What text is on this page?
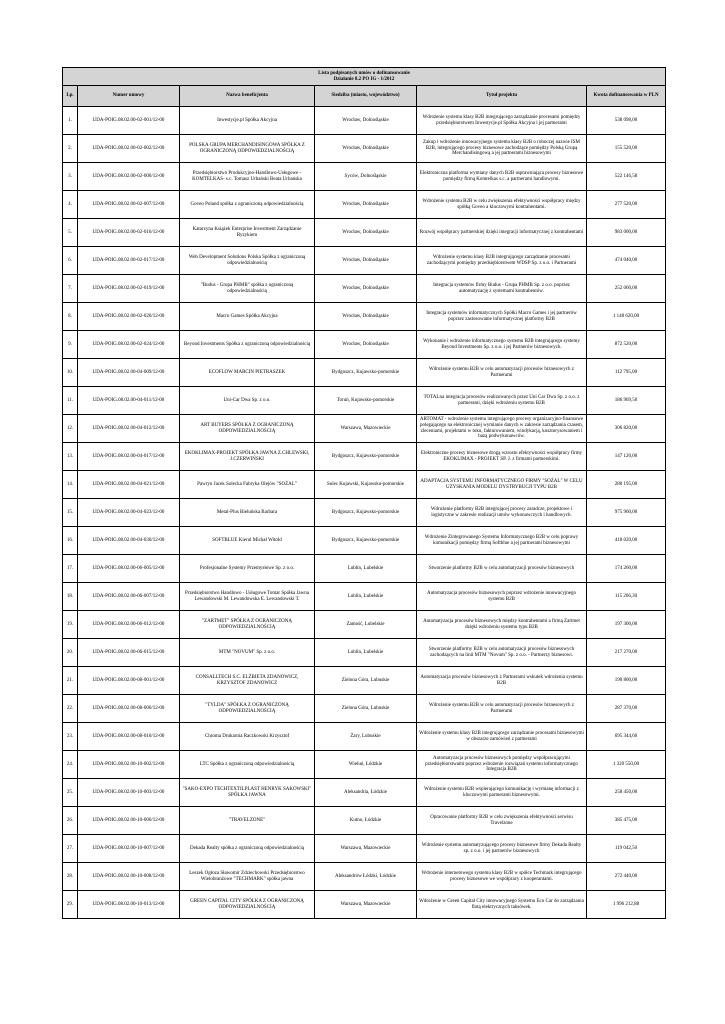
Lista podpisanych umów o dofinansowanie
Działanie 8.2 PO IG - 1/2012					

Lp.	Numer umowy	Nazwa beneficjenta	Siedziba (miasto, województwo)	Tytuł projektu	Kwota dofinansowania w PLN
1.	UDA-POIG.08.02.00-02-001/12-00	Inwestycje.pl Spółka Akcyjna	Wrocław, Dolnośląskie	Wdrożenie systemu klasy B2B integrującego zarządzanie procesami pomiędzy przedsiębiorstwem Inwestycje.pl Spółka Akcyjna i jej partnerami	538 098,00
2.	UDA-POIG.08.02.00-02-002/12-00	POLSKA GRUPA MERCHANDISINGOWA SPÓŁKA Z OGRANICZONĄ ODPOWIEDZIALNOŚCIĄ	Wrocław, Dolnośląskie	Zakup i wdrożenie innowacyjnego systemu klasy B2B o roboczej nazwie ISM B2B, integrującego procesy biznesowe zachodzące pomiędzy Polską Grupą Merchandisingową a jej partnerami biznesowymi	155 520,00
3.	UDA-POIG.08.02.00-02-006/12-00	Przedsiębiorstwo Produkcyjno-Handlowo-Usługowe - KOMTELKAS- s.c. Tomasz Urbański Beata Urbańska	Syców, Dolnośląskie	Elektroniczna platforma wymiany danych B2B usprawniająca procesy biznesowe pomiędzy firmą Komtelkas s.c. a partnerami handlowymi.	522 146,58
4.	UDA-POIG.08.02.00-02-007/12-00	Goveo Poland spółka z ograniczoną odpowiedzialnością	Wrocław, Dolnośląskie	Wdrożenie systemu B2B w celu zwiększenia efektywności współpracy między spółką Goveo a kluczowymi kontrahentami.	277 520,00
5.	UDA-POIG.08.02.00-02-016/12-00	Katarzyna Książek Enterprise Investment Zarządzanie Ryzykiem	Wrocław, Dolnośląskie	Rozwój współpracy partnerskiej dzięki integracji informatycznej z kontrahentami	983 000,00
6.	UDA-POIG.08.02.00-02-017/12-00	Web Development Solutions Polska Spółka z ograniczoną odpowiedzialnością	Wrocław, Dolnośląskie	Wdrożenie systemu klasy B2B integrującego zarządzanie procesami zachodzącymi pomiędzy przedsiębiorstwem WDSP Sp. z o.o. i Partnerami	474 040,00
7.	UDA-POIG.08.02.00-02-019/12-00	"Budus - Grupa PHMB" spółka z ograniczoną odpowiedzialnością	Wrocław, Dolnośląskie	Integracja systemów firmy Budus - Grupa PHMB Sp. z o.o. poprzez automatyzację z systemami kontrahentów.	252 060,00
8.	UDA-POIG.08.02.00-02-020/12-00	Macro Games Spółka Akcyjna	Wrocław, Dolnośląskie	Integracja systemów informatycznych Spółki Macro Games i jej partnerów poprzez zastosowanie informatycznej platformy B2B	1 148 620,00
9.	UDA-POIG.08.02.00-02-024/12-00	Beyond Investments Spółka z ograniczoną odpowiedzialnością	Wrocław, Dolnośląskie	Wykonanie i wdrożenie informatycznego systemu B2B integrującego systemy Beyond Investments Sp. z o.o. i jej Partnerów biznesowych.	872 520,00
10.	UDA-POIG.08.02.00-04-009/12-00	ECOFLOW MARCIN PIETRASZEK	Bydgoszcz, Kujawsko-pomorskie	Wdrożenie systemu B2B w celu automatyzacji procesów biznesowych z Partnerami	112 795,00
11.	UDA-POIG.08.02.00-04-011/12-00	Uni-Car Dwa Sp. z o.o.	Toruń, Kujawsko-pomorskie	TOTALna integracja procesów realizowanych przez Uni Car Dwa Sp. z o.o. z partnerami, dzięki wdrożeniu systemu B2B	186 969,50
12.	UDA-POIG.08.02.00-04-012/12-00	ART BUYERS SPÓŁKA Z OGRANICZONĄ ODPOWIEDZIALNOŚCIĄ	Warszawa, Mazowieckie	ARTOMAT - wdrożenie systemu integrującego procesy organizacyjno-finansowe polegającego na elektronicznej wymianie danych w zakresie zarządzania czasem, zleceniami, projektami w toku, fakturowaniem, windykacją, kosztorysowaniem i bazą podwykonawców.	306 820,00
13.	UDA-POIG.08.02.00-04-017/12-00	EKOKLIMAX-PROJEKT SPÓŁKA JAWNA Z.CHLEWSKI, J.CZERWIŃSKI	Bydgoszcz, Kujawsko-pomorskie	Elektroniczne procesy biznesowe drogą wzrostu efektywności współpracy firmy EKOKLIMAX - PROJEKT SP. J. z firmami partnerskimi.	147 120,00
14.	UDA-POIG.08.02.00-04-021/12-00	Pawryn Jacek Solecka Fabryka Olejów "SOŻAL"	Solec Kujawski, Kujawsko-pomorskie	ADAPTACJA SYSTEMU INFORMATYCZNEGO FIRMY "SOŻAL" W CELU UZYSKANIA MODELU DYSTRYBUCJI TYPU B2B	280 195,00
15.	UDA-POIG.08.02.00-04-023/12-00	Metal-Plus Bieluńska Barbara	Bydgoszcz, Kujawsko-pomorskie	Wdrożenie platformy B2B integrującej procesy zaradcze, projektowe i logistyczne w zakresie realizacji umów wykonawczych i handlowych.	975 960,00
16.	UDA-POIG.08.02.00-04-030/12-00	SOFTBLUE Kierul Michał Witold	Bydgoszcz, Kujawsko-pomorskie	Wdrożenie Zintegrowanego Systemu Informatycznego B2B w celu poprawy komunikacji pomiędzy firmą Softblue a jej partnerami biznesowymi	418 020,00
17.	UDA-POIG.08.02.00-06-005/12-00	Profesjonalne Systemy Przemysłowe Sp. z o.o.	Lublin, Lubelskie	Stworzenie platformy B2B w celu automatyzacji procesów biznesowych	174 260,00
18.	UDA-POIG.08.02.00-06-007/12-00	Przedsiębiorstwo Handlowo - Usługowe Tomar Spółka Jawna Lewandowski M. Lewandowska E. Lewandowski T.	Lublin, Lubelskie	Automatyzacja procesów biznesowych poprzez wdrożenie innowacyjnego systemu B2B	115 266,30
19.	UDA-POIG.08.02.00-06-012/12-00	"ZARTMET" SPÓŁKA Z OGRANICZONĄ ODPOWIEDZIALNOŚCIĄ	Zamość, Lubelskie	Automatyzacja procesów biznesowych między kontrahentami a firmą Zartmet dzięki wdrożeniu systemu typu B2B	197 300,00
20.	UDA-POIG.08.02.00-06-015/12-00	MTM "NOVUM" Sp. z o.o.	Lublin, Lubelskie	Stworzenie platformy B2B w celu automatyzacji procesów biznesowych zachodzących na linii MTM "Novum" Sp. z o.o. - Partnerzy biznesowi.	217 270,00
21.	UDA-POIG.08.02.00-08-001/12-00	CONSALLTECH S.C. ELŻBIETA ZDANOWICZ, KRZYSZTOF ZDANOWICZ	Zielona Góra, Lubuskie	Automatyzacja procesów biznesowych z Partnerami wskutek wdrożenia systemu B2B	190 800,00
22.	UDA-POIG.08.02.00-08-006/12-00	"TYLDA" SPÓŁKA Z OGRANICZONĄ ODPOWIEDZIALNOŚCIĄ	Zielona Góra, Lubuskie	Wdrożenie systemu B2B w celu automatyzacji procesów biznesowych z Partnerami	287 370,00
23.	UDA-POIG.08.02.00-08-010/12-00	Chroma Drukarnia Raczkowski Krzysztof	Żary, Lubuskie	Wdrożenie systemu klasy B2B integrującego zarządzanie procesami biznesowymi w obszarze zamówień z partnerami	695 344,60
24.	UDA-POIG.08.02.00-10-002/12-00	LTC Spółka z ograniczoną odpowiedzialnością	Wieluń, Łódzkie	Automatyzacja procesów biznesowych pomiędzy współpracującymi przedsiębiorstwami poprzez wdrożenie rozwiązań systemu informatycznego Integracja B2B	1 320 550,00
25.	UDA-POIG.08.02.00-10-003/12-00	"SAKO-EXPO TECHTEXTILPLAST HENRYK SAKOWSKI" SPÓŁKA JAWNA	Aleksandria, Łódzkie	Wdrożenie systemu B2B wspierającego komunikację i wymianę informacji z kluczowymi partnerami biznesowymi.	258 450,00
26.	UDA-POIG.08.02.00-10-006/12-00	"TRAVELZONE"	Kutno, Łódzkie	Opracowanie platformy B2B w celu zwiększenia efektywności serwisu Travelzone	385 475,00
27.	UDA-POIG.08.02.00-10-007/12-00	Dekada Realty spółka z ograniczoną odpowiedzialnością	Warszawa, Mazowieckie	Wdrożenie systemu automatyzującego procesy biznesowe firmy Dekada Realty sp. z o.o. i jej partnerów biznesowych	119 042,50
28.	UDA-POIG.08.02.00-10-008/12-00	Leszek Ogłoza Sławomir Zdziechowski Przedsiębiorstwo Wielobranżowe "TECHMARK" spółka jawna	Aleksandrów Łódzki, Łódzkie	Wdrożenie internetowego systemu klasy B2B w spółce Techmark integrującego procesy biznesowe we współpracy z kooperantami.	272 440,00
29.	UDA-POIG.08.02.00-10-013/12-00	GREEN CAPITAL CITY SPÓŁKA Z OGRANICZONĄ ODPOWIEDZIALNOŚCIĄ	Warszawa, Mazowieckie	Wdrożenie w Green Capital City innowacyjnego Systemu Eco Car do zarządzania flotą elektrycznych taksówek.	1 996 212,88
